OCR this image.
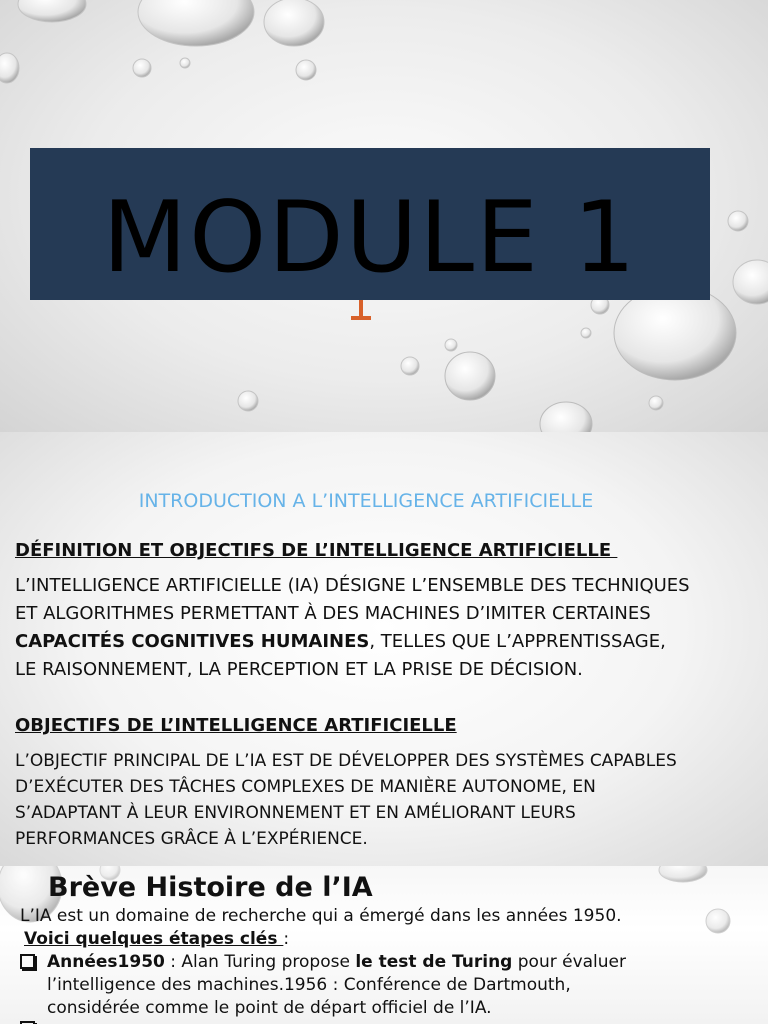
MODULE 1
INTRODUCTION A L’INTELLIGENCE ARTIFICIELLE
DÉFINITION ET OBJECTIFS DE L’INTELLIGENCE ARTIFICIELLE
L’INTELLIGENCE ARTIFICIELLE (IA) DÉSIGNE L’ENSEMBLE DES TECHNIQUES
ET ALGORITHMES PERMETTANT À DES MACHINES D’IMITER CERTAINES
CAPACITÉS COGNITIVES HUMAINES, TELLES QUE L’APPRENTISSAGE,
LE RAISONNEMENT, LA PERCEPTION ET LA PRISE DE DÉCISION.
OBJECTIFS DE L’INTELLIGENCE ARTIFICIELLE
L’OBJECTIF PRINCIPAL DE L’IA EST DE DÉVELOPPER DES SYSTÈMES CAPABLES
D’EXÉCUTER DES TÂCHES COMPLEXES DE MANIÈRE AUTONOME, EN
S’ADAPTANT À LEUR ENVIRONNEMENT ET EN AMÉLIORANT LEURS
PERFORMANCES GRÂCE À L’EXPÉRIENCE.
Brève Histoire de l’IA
L’IA est un domaine de recherche qui a émergé dans les années 1950.
Voici quelques étapes clés :
Années1950 : Alan Turing propose le test de Turing pour évaluer
l’intelligence des machines.1956 : Conférence de Dartmouth,
considérée comme le point de départ officiel de l’IA.
